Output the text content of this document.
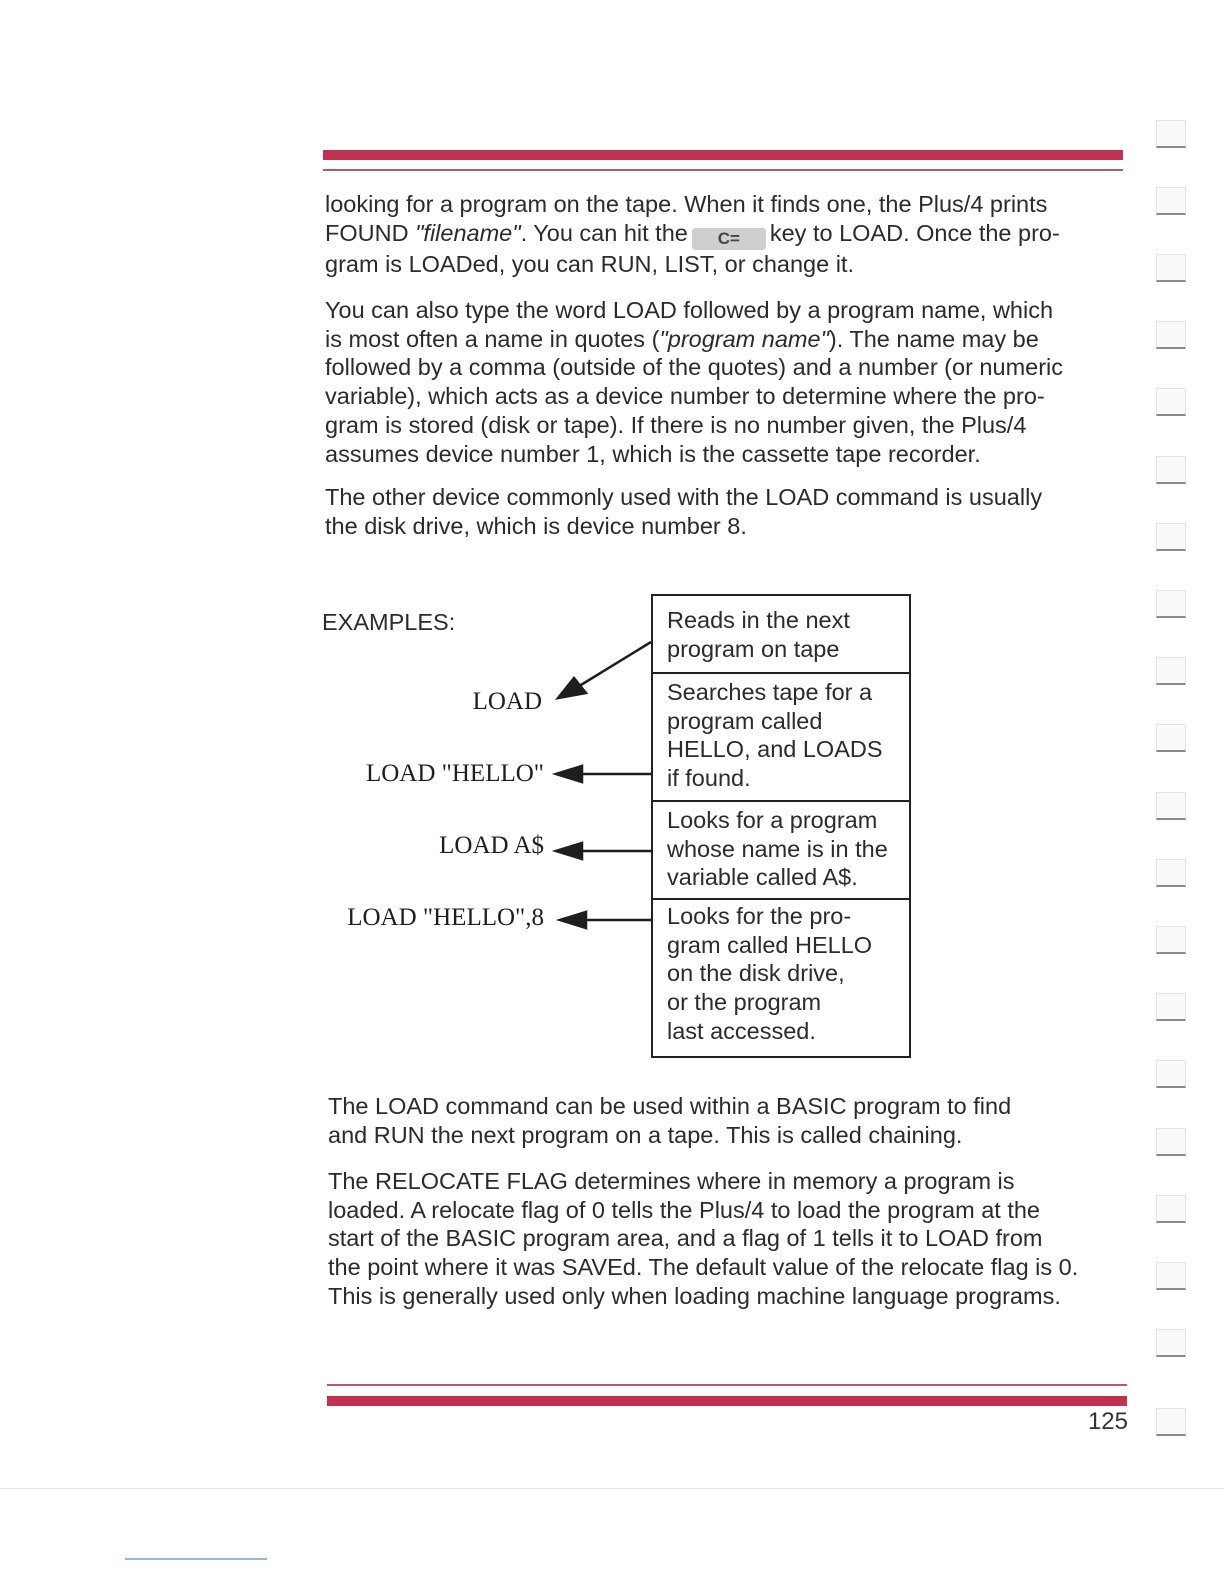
looking for a program on the tape. When it finds one, the Plus/4 prints
FOUND "filename". You can hit the C= key to LOAD. Once the pro-
gram is LOADed, you can RUN, LIST, or change it.
You can also type the word LOAD followed by a program name, which
is most often a name in quotes ("program name"). The name may be
followed by a comma (outside of the quotes) and a number (or numeric
variable), which acts as a device number to determine where the pro-
gram is stored (disk or tape). If there is no number given, the Plus/4
assumes device number 1, which is the cassette tape recorder.
The other device commonly used with the LOAD command is usually
the disk drive, which is device number 8.
EXAMPLES:
LOAD
LOAD "HELLO"
LOAD A$
LOAD "HELLO",8
Reads in the next
program on tape
Searches tape for a
program called
HELLO, and LOADS
if found.
Looks for a program
whose name is in the
variable called A$.
Looks for the pro-
gram called HELLO
on the disk drive,
or the program
last accessed.
The LOAD command can be used within a BASIC program to find
and RUN the next program on a tape. This is called chaining.
The RELOCATE FLAG determines where in memory a program is
loaded. A relocate flag of 0 tells the Plus/4 to load the program at the
start of the BASIC program area, and a flag of 1 tells it to LOAD from
the point where it was SAVEd. The default value of the relocate flag is 0.
This is generally used only when loading machine language programs.
125
